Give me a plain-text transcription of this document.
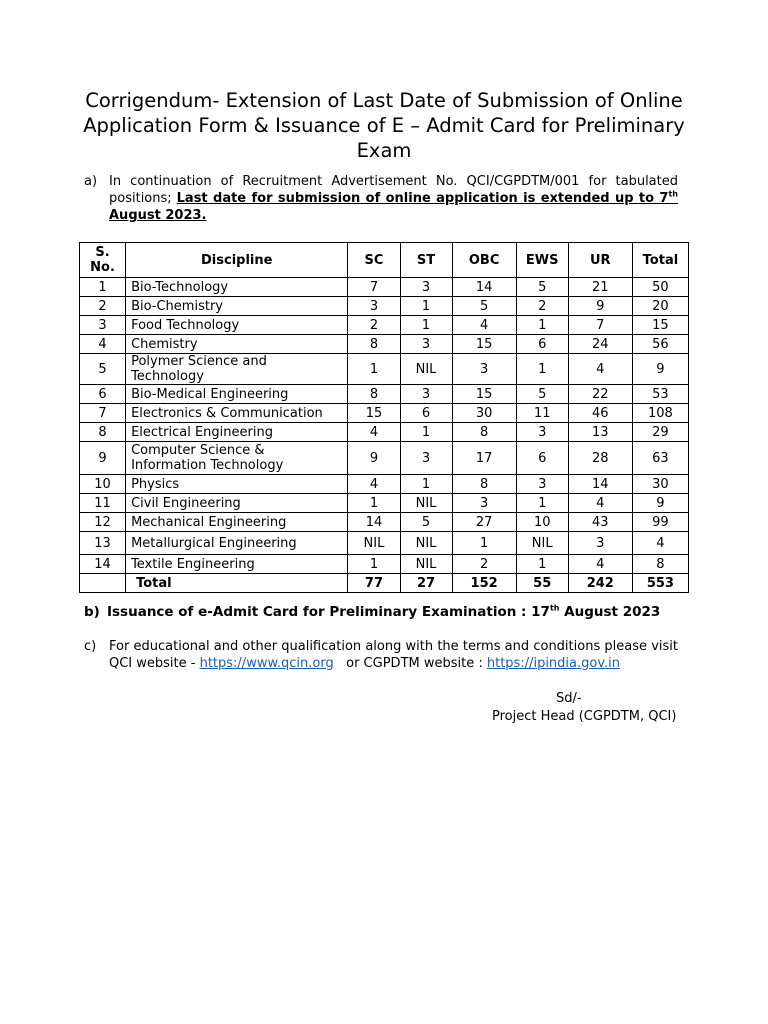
Corrigendum- Extension of Last Date of Submission of Online Application Form & Issuance of E – Admit Card for Preliminary Exam
a) In continuation of Recruitment Advertisement No. QCI/CGPDTM/001 for tabulated positions; Last date for submission of online application is extended up to 7th August 2023.
S. No.	Discipline	SC	ST	OBC	EWS	UR	Total
1	Bio-Technology	7	3	14	5	21	50
2	Bio-Chemistry	3	1	5	2	9	20
3	Food Technology	2	1	4	1	7	15
4	Chemistry	8	3	15	6	24	56
5	Polymer Science and Technology	1	NIL	3	1	4	9
6	Bio-Medical Engineering	8	3	15	5	22	53
7	Electronics & Communication	15	6	30	11	46	108
8	Electrical Engineering	4	1	8	3	13	29
9	Computer Science & Information Technology	9	3	17	6	28	63
10	Physics	4	1	8	3	14	30
11	Civil Engineering	1	NIL	3	1	4	9
12	Mechanical Engineering	14	5	27	10	43	99
13	Metallurgical Engineering	NIL	NIL	1	NIL	3	4
14	Textile Engineering	1	NIL	2	1	4	8
	Total	77	27	152	55	242	553
b) Issuance of e-Admit Card for Preliminary Examination : 17th August 2023
c) For educational and other qualification along with the terms and conditions please visit QCI website - https://www.qcin.org   or CGPDTM website : https://ipindia.gov.in
Sd/-
Project Head (CGPDTM, QCI)
